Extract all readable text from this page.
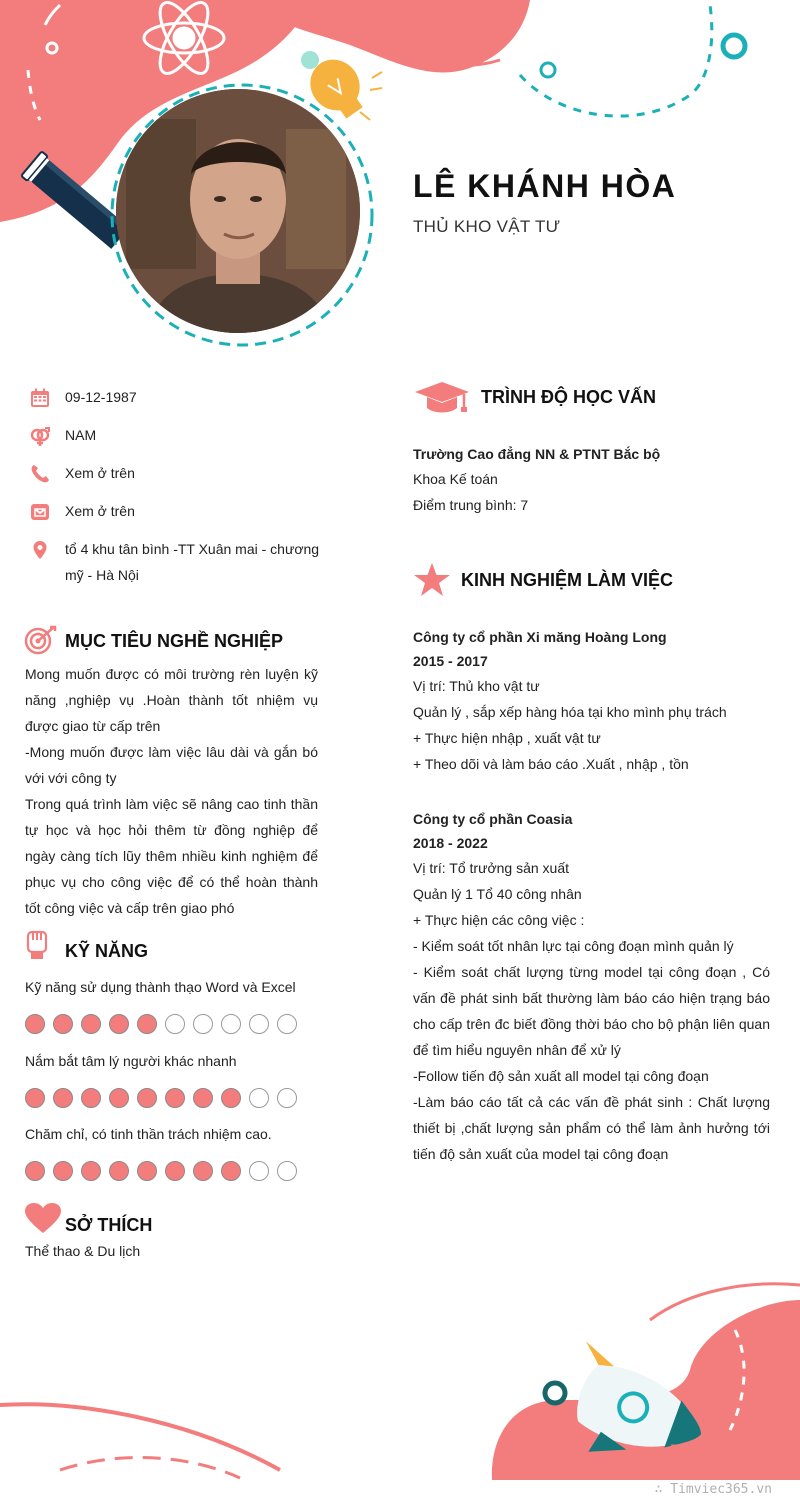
LÊ KHÁNH HÒA
THỦ KHO VẬT TƯ
09-12-1987
NAM
Xem ở trên
Xem ở trên
tổ 4 khu tân bình -TT Xuân mai - chương mỹ - Hà Nội
MỤC TIÊU NGHỀ NGHIỆP
Mong muốn được có môi trường rèn luyện kỹ năng ,nghiệp vụ .Hoàn thành tốt nhiệm vụ được giao từ cấp trên
-Mong muốn được làm việc lâu dài và gắn bó với với công ty
Trong quá trình làm việc sẽ nâng cao tinh thần tự học và học hỏi thêm từ đồng nghiệp để ngày càng tích lũy thêm nhiều kinh nghiệm để phục vụ cho công việc để có thể hoàn thành tốt công việc và cấp trên giao phó
KỸ NĂNG
Kỹ năng sử dụng thành thạo Word và Excel
Nắm bắt tâm lý người khác nhanh
Chăm chỉ, có tinh thần trách nhiệm cao.
SỞ THÍCH
Thể thao & Du lịch
TRÌNH ĐỘ HỌC VẤN
Trường Cao đẳng NN & PTNT Bắc bộ
Khoa Kế toán
Điểm trung bình: 7
KINH NGHIỆM LÀM VIỆC
Công ty cổ phần Xi măng Hoàng Long
2015 - 2017
Vị trí: Thủ kho vật tư
Quản lý , sắp xếp hàng hóa tại kho mình phụ trách
+ Thực hiện nhập , xuất vật tư
+ Theo dõi và làm báo cáo .Xuất , nhập , tồn
Công ty cổ phần Coasia
2018 - 2022
Vị trí: Tổ trưởng sản xuất
Quản lý 1 Tổ 40 công nhân
+ Thực hiện các công việc :
- Kiểm soát tốt nhân lực tại công đoạn mình quản lý
- Kiểm soát chất lượng từng model tại công đoạn , Có vấn đề phát sinh bất thường làm báo cáo hiện trạng báo cho cấp trên đc biết đồng thời báo cho bộ phận liên quan để tìm hiểu nguyên nhân để xử lý
-Follow tiến độ sản xuất all model tại công đoạn
-Làm báo cáo tất cả các vấn đề phát sinh : Chất lượng thiết bị ,chất lượng sản phẩm có thể làm ảnh hưởng tới tiến độ sản xuất của model tại công đoạn
∴ Timviec365.vn
